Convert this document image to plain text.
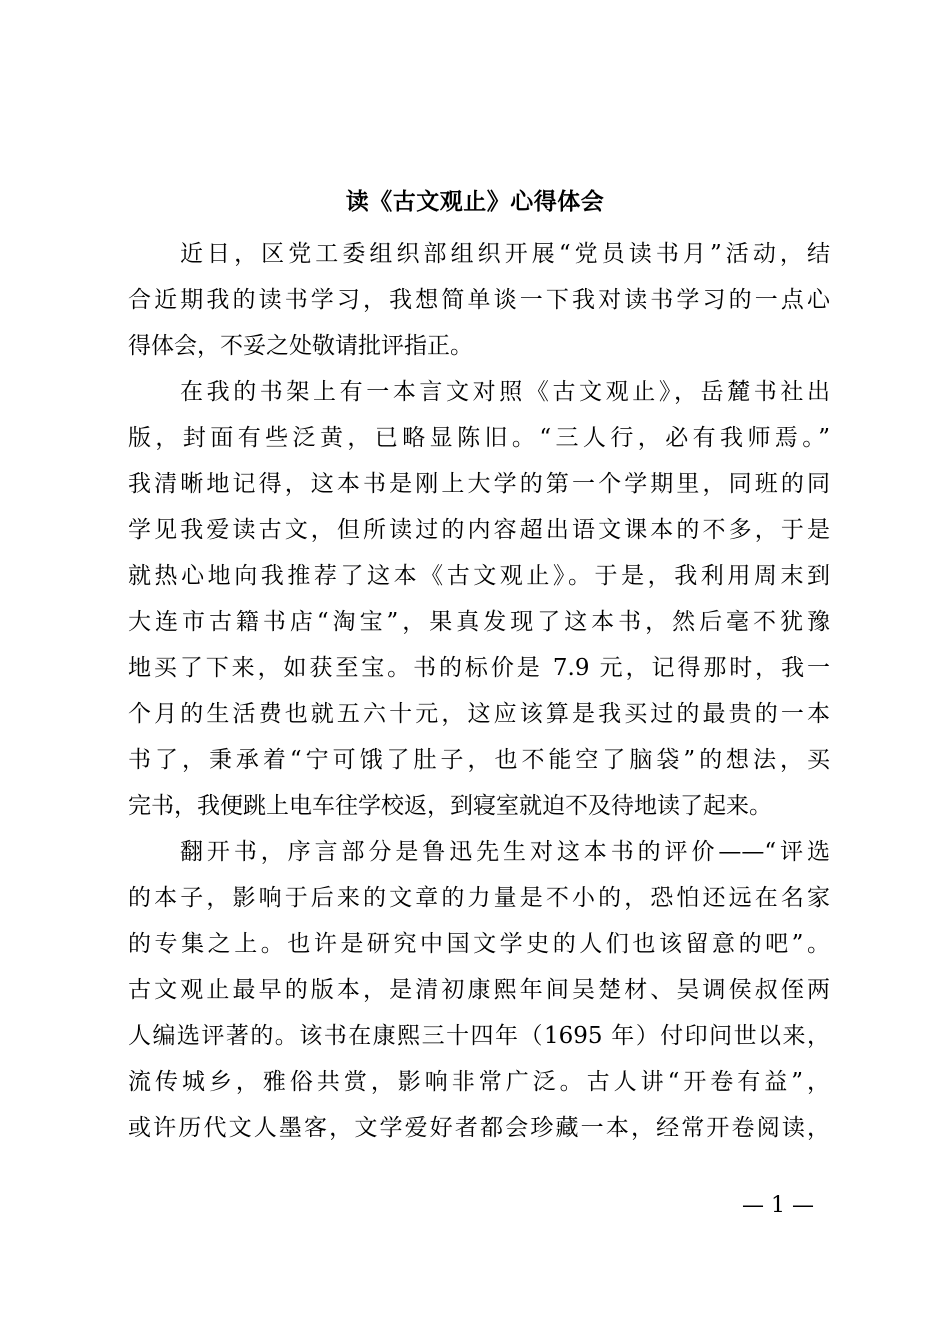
读《古文观止》心得体会

近日，区党工委组织部组织开展“党员读书月”活动，结

合近期我的读书学习，我想简单谈一下我对读书学习的一点心

得体会，不妥之处敬请批评指正。

在我的书架上有一本言文对照《古文观止》，岳麓书社出

版，封面有些泛黄，已略显陈旧。“三人行，必有我师焉。”

我清晰地记得，这本书是刚上大学的第一个学期里，同班的同

学见我爱读古文，但所读过的内容超出语文课本的不多，于是

就热心地向我推荐了这本《古文观止》。于是，我利用周末到

大连市古籍书店“淘宝”，果真发现了这本书，然后毫不犹豫

地买了下来，如获至宝。书的标价是 7.9 元，记得那时，我一

个月的生活费也就五六十元，这应该算是我买过的最贵的一本

书了，秉承着“宁可饿了肚子，也不能空了脑袋”的想法，买

完书，我便跳上电车往学校返，到寝室就迫不及待地读了起来。

翻开书，序言部分是鲁迅先生对这本书的评价——“评选

的本子，影响于后来的文章的力量是不小的，恐怕还远在名家

的专集之上。也许是研究中国文学史的人们也该留意的吧”。

古文观止最早的版本，是清初康熙年间吴楚材、吴调侯叔侄两

人编选评著的。该书在康熙三十四年（1695 年）付印问世以来，

流传城乡，雅俗共赏，影响非常广泛。古人讲“开卷有益”，

或许历代文人墨客，文学爱好者都会珍藏一本，经常开卷阅读，

— 1 —
